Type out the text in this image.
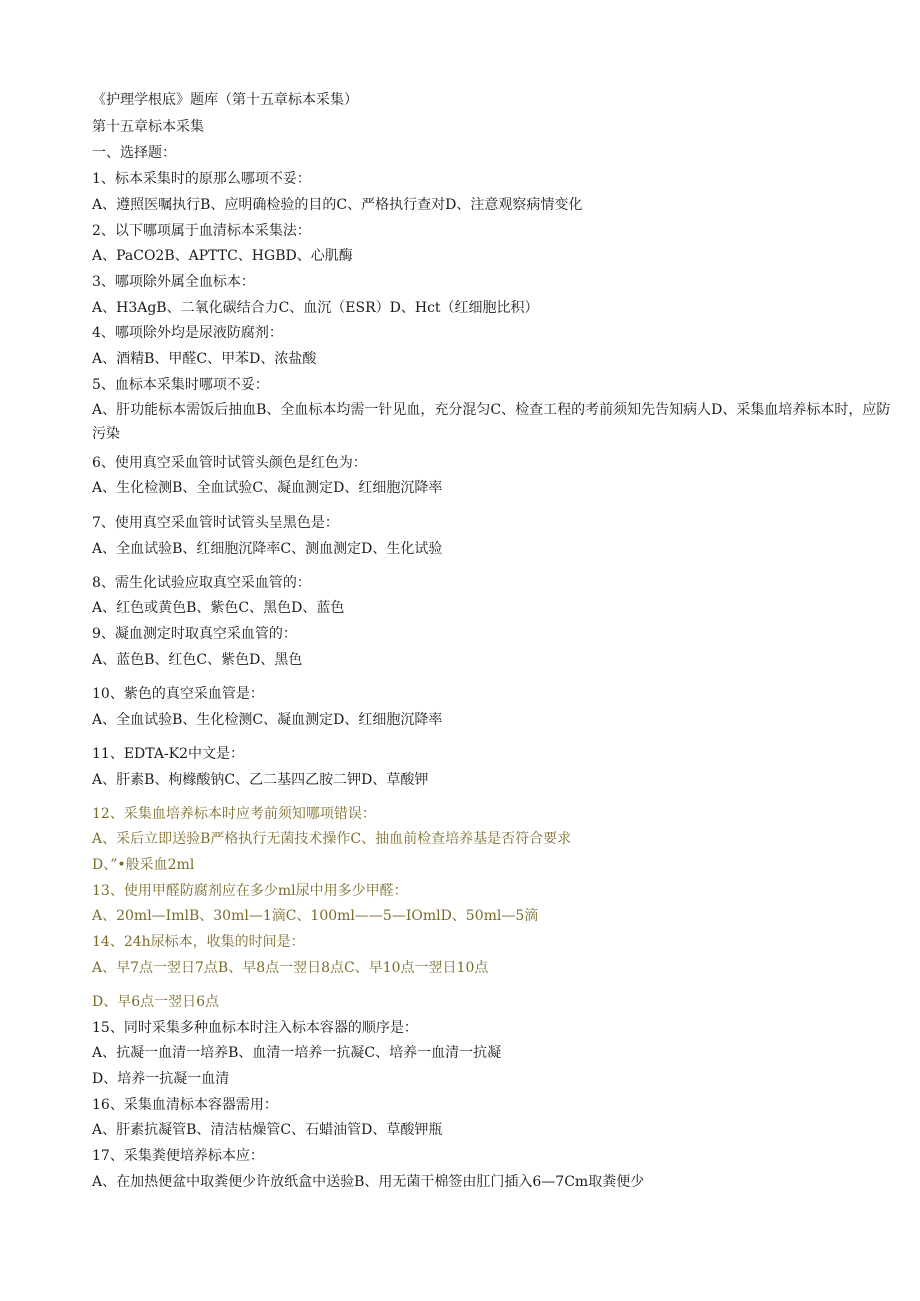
《护理学根底》题库（第十五章标本采集）
第十五章标本采集
一、选择题：
1、标本采集时的原那么哪项不妥：
A、遵照医嘱执行B、应明确检验的目的C、严格执行查对D、注意观察病情变化
2、以下哪项属于血清标本采集法：
A、PaCO2B、APTTC、HGBD、心肌酶
3、哪项除外属全血标本：
A、H3AgB、二氧化碳结合力C、血沉（ESR）D、Hct（红细胞比积）
4、哪项除外均是尿液防腐剂：
A、酒精B、甲醛C、甲苯D、浓盐酸
5、血标本采集时哪项不妥：
A、肝功能标本需饭后抽血B、全血标本均需一针见血，充分混匀C、检查工程的考前须知先告知病人D、采集血培养标本时，应防污染
6、使用真空采血管时试管头颜色是红色为：
A、生化检测B、全血试验C、凝血测定D、红细胞沉降率
7、使用真空采血管时试管头呈黑色是：
A、全血试验B、红细胞沉降率C、测血测定D、生化试验
8、需生化试验应取真空采血管的：
A、红色或黄色B、紫色C、黑色D、蓝色
9、凝血测定时取真空采血管的：
A、蓝色B、红色C、紫色D、黑色
10、紫色的真空采血管是：
A、全血试验B、生化检测C、凝血测定D、红细胞沉降率
11、EDTA-K2中文是：
A、肝素B、枸橼酸钠C、乙二基四乙胺二钾D、草酸钾
12、采集血培养标本时应考前须知哪项错误：
A、采后立即送验B严格执行无菌技术操作C、抽血前检查培养基是否符合要求
D、”•般采血2ml
13、使用甲醛防腐剂应在多少ml尿中用多少甲醛：
A、20ml—ImlB、30ml—1滴C、100ml——5—IOmlD、50ml—5滴
14、24h尿标本，收集的时间是：
A、早7点一翌日7点B、早8点一翌日8点C、早10点一翌日10点
D、早6点一翌日6点
15、同时采集多种血标本时注入标本容器的顺序是：
A、抗凝一血清一培养B、血清一培养一抗凝C、培养一血清一抗凝
D、培养一抗凝一血清
16、采集血清标本容器需用：
A、肝素抗凝管B、清洁枯燥管C、石蜡油管D、草酸钾瓶
17、采集粪便培养标本应：
A、在加热便盆中取粪便少许放纸盒中送验B、用无菌干棉签由肛门插入6—7Cm取粪便少
